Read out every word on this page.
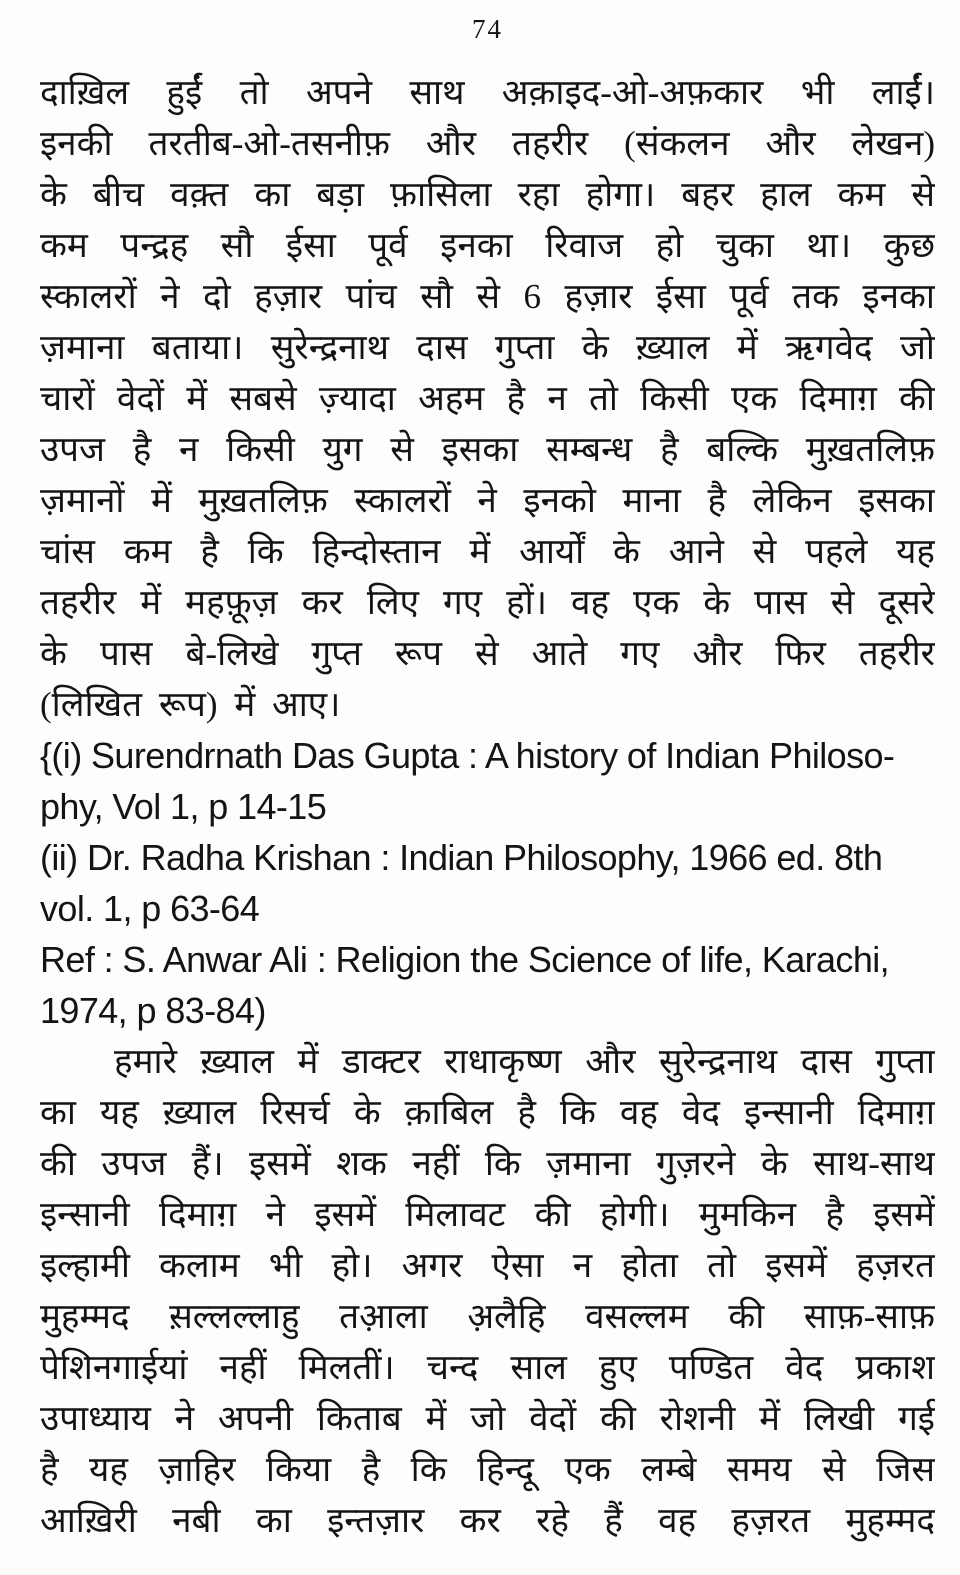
74
दाख़िल हुईं तो अपने साथ अक़ाइद-ओ-अफ़कार भी लाईं।
इनकी तरतीब-ओ-तसनीफ़ और तहरीर (संकलन और लेखन)
के बीच वक़्त का बड़ा फ़ासिला रहा होगा। बहर हाल कम से
कम पन्द्रह सौ ईसा पूर्व इनका रिवाज हो चुका था। कुछ
स्कालरों ने दो हज़ार पांच सौ से 6 हज़ार ईसा पूर्व तक इनका
ज़माना बताया। सुरेन्द्रनाथ दास गुप्ता के ख़्याल में ऋगवेद जो
चारों वेदों में सबसे ज़्यादा अहम है न तो किसी एक दिमाग़ की
उपज है न किसी युग से इसका सम्बन्ध है बल्कि मुख़तलिफ़
ज़मानों में मुख़तलिफ़ स्कालरों ने इनको माना है लेकिन इसका
चांस कम है कि हिन्दोस्तान में आर्यों के आने से पहले यह
तहरीर में महफ़ूज़ कर लिए गए हों। वह एक के पास से दूसरे
के पास बे-लिखे गुप्त रूप से आते गए और फिर तहरीर
(लिखित रूप) में आए।
{(i) Surendrnath Das Gupta : A history of Indian Philoso-
phy, Vol 1, p 14-15
(ii) Dr. Radha Krishan : Indian Philosophy, 1966 ed. 8th
vol. 1, p 63-64
Ref : S. Anwar Ali : Religion the Science of life, Karachi,
1974, p 83-84)
हमारे ख़्याल में डाक्टर राधाकृष्ण और सुरेन्द्रनाथ दास गुप्ता
का यह ख़्याल रिसर्च के क़ाबिल है कि वह वेद इन्सानी दिमाग़
की उपज हैं। इसमें शक नहीं कि ज़माना गुज़रने के साथ-साथ
इन्सानी दिमाग़ ने इसमें मिलावट की होगी। मुमकिन है इसमें
इल्हामी कलाम भी हो। अगर ऐसा न होता तो इसमें हज़रत
मुहम्मद स़ल्लल्लाहु तआ़ला अ़लैहि वसल्लम की साफ़-साफ़
पेशिनगाईयां नहीं मिलतीं। चन्द साल हुए पण्डित वेद प्रकाश
उपाध्याय ने अपनी किताब में जो वेदों की रोशनी में लिखी गई
है यह ज़ाहिर किया है कि हिन्दू एक लम्बे समय से जिस
आख़िरी नबी का इन्तज़ार कर रहे हैं वह हज़रत मुहम्मद
